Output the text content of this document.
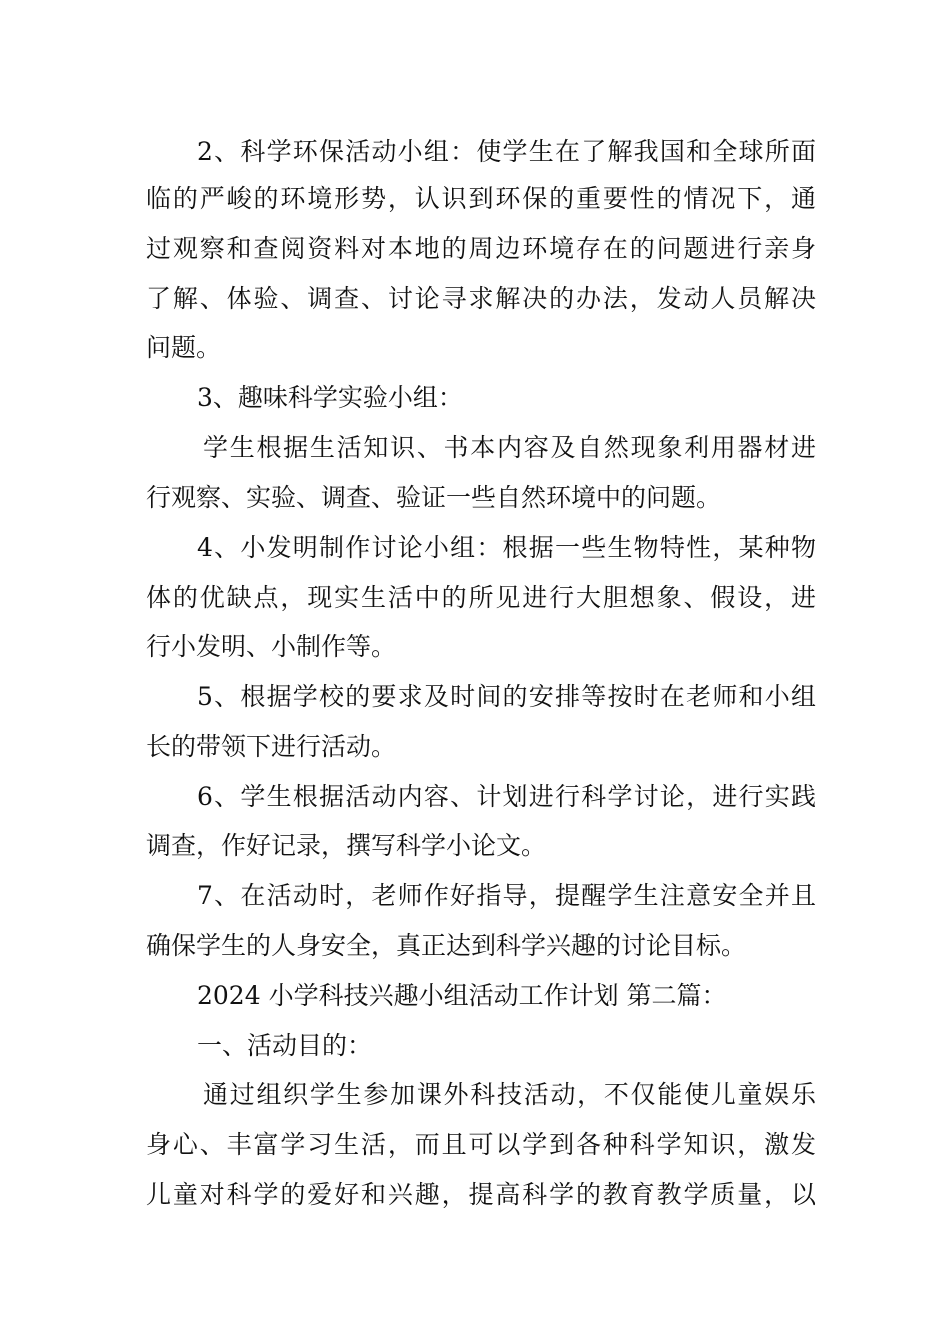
2、科学环保活动小组：使学生在了解我国和全球所面
临的严峻的环境形势，认识到环保的重要性的情况下，通
过观察和查阅资料对本地的周边环境存在的问题进行亲身
了解、体验、调查、讨论寻求解决的办法，发动人员解决
问题。
3、趣味科学实验小组：
学生根据生活知识、书本内容及自然现象利用器材进
行观察、实验、调查、验证一些自然环境中的问题。
4、小发明制作讨论小组：根据一些生物特性，某种物
体的优缺点，现实生活中的所见进行大胆想象、假设，进
行小发明、小制作等。
5、根据学校的要求及时间的安排等按时在老师和小组
长的带领下进行活动。
6、学生根据活动内容、计划进行科学讨论，进行实践
调查，作好记录，撰写科学小论文。
7、在活动时，老师作好指导，提醒学生注意安全并且
确保学生的人身安全，真正达到科学兴趣的讨论目标。
2024 小学科技兴趣小组活动工作计划 第二篇：
一、活动目的：
通过组织学生参加课外科技活动，不仅能使儿童娱乐
身心、丰富学习生活，而且可以学到各种科学知识，激发
儿童对科学的爱好和兴趣，提高科学的教育教学质量，以
